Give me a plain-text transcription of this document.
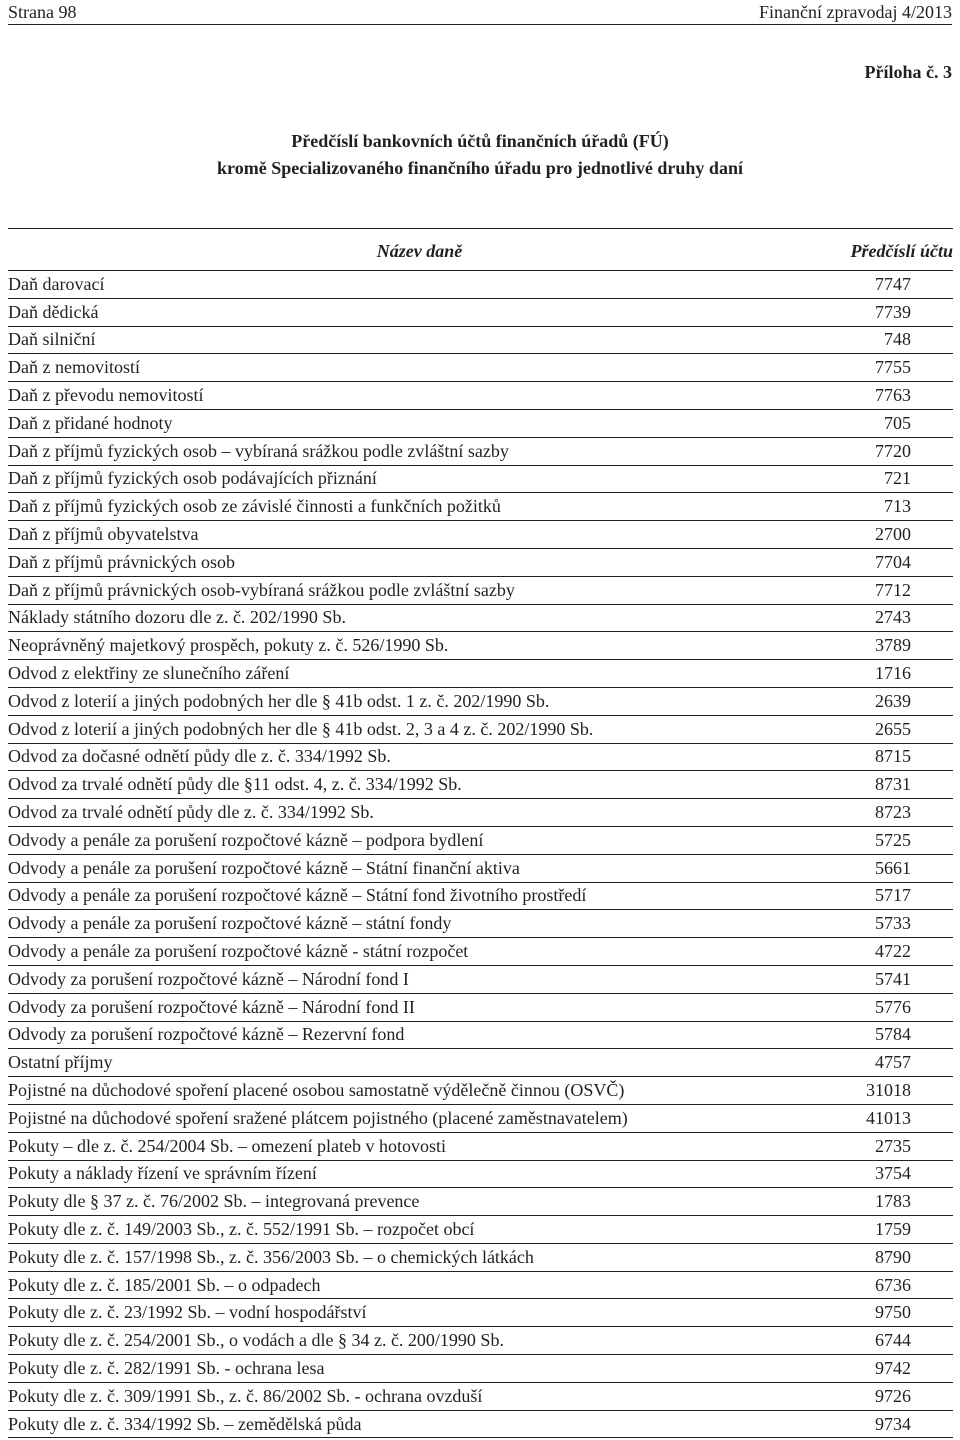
Strana 98	Finanční zpravodaj 4/2013
Příloha č. 3
Předčíslí bankovních účtů finančních úřadů (FÚ)
kromě Specializovaného finančního úřadu pro jednotlivé druhy daní
Název daně	Předčíslí účtu
Daň darovací	7747
Daň dědická	7739
Daň silniční	748
Daň z nemovitostí	7755
Daň z převodu nemovitostí	7763
Daň z přidané hodnoty	705
Daň z příjmů fyzických osob – vybíraná srážkou podle zvláštní sazby	7720
Daň z příjmů fyzických osob podávajících přiznání	721
Daň z příjmů fyzických osob ze závislé činnosti a funkčních požitků	713
Daň z příjmů obyvatelstva	2700
Daň z příjmů právnických osob	7704
Daň z příjmů právnických osob-vybíraná srážkou podle zvláštní sazby	7712
Náklady státního dozoru dle z. č. 202/1990 Sb.	2743
Neoprávněný majetkový prospěch, pokuty z. č. 526/1990 Sb.	3789
Odvod z elektřiny ze slunečního záření	1716
Odvod z loterií a jiných podobných her dle § 41b odst. 1 z. č. 202/1990 Sb.	2639
Odvod z loterií a jiných podobných her dle § 41b odst. 2, 3 a 4 z. č. 202/1990 Sb.	2655
Odvod za dočasné odnětí půdy dle z. č. 334/1992 Sb.	8715
Odvod za trvalé odnětí půdy dle §11 odst. 4, z. č. 334/1992 Sb.	8731
Odvod za trvalé odnětí půdy dle z. č. 334/1992 Sb.	8723
Odvody a penále za porušení rozpočtové kázně – podpora bydlení	5725
Odvody a penále za porušení rozpočtové kázně – Státní finanční aktiva	5661
Odvody a penále za porušení rozpočtové kázně – Státní fond životního prostředí	5717
Odvody a penále za porušení rozpočtové kázně – státní fondy	5733
Odvody a penále za porušení rozpočtové kázně - státní rozpočet	4722
Odvody za porušení rozpočtové kázně – Národní fond I	5741
Odvody za porušení rozpočtové kázně – Národní fond II	5776
Odvody za porušení rozpočtové kázně – Rezervní fond	5784
Ostatní příjmy	4757
Pojistné na důchodové spoření placené osobou samostatně výdělečně činnou (OSVČ)	31018
Pojistné na důchodové spoření sražené plátcem pojistného (placené zaměstnavatelem)	41013
Pokuty – dle z. č. 254/2004 Sb. – omezení plateb v hotovosti	2735
Pokuty a náklady řízení ve správním řízení	3754
Pokuty dle § 37 z. č. 76/2002 Sb. – integrovaná prevence	1783
Pokuty dle z. č. 149/2003 Sb., z. č. 552/1991 Sb. – rozpočet obcí	1759
Pokuty dle z. č. 157/1998 Sb., z. č. 356/2003 Sb. – o chemických látkách	8790
Pokuty dle z. č. 185/2001 Sb. – o odpadech	6736
Pokuty dle z. č. 23/1992 Sb. – vodní hospodářství	9750
Pokuty dle z. č. 254/2001 Sb., o vodách a dle § 34 z. č. 200/1990 Sb.	6744
Pokuty dle z. č. 282/1991 Sb. - ochrana lesa	9742
Pokuty dle z. č. 309/1991 Sb., z. č. 86/2002 Sb. - ochrana ovzduší	9726
Pokuty dle z. č. 334/1992 Sb. – zemědělská půda	9734
